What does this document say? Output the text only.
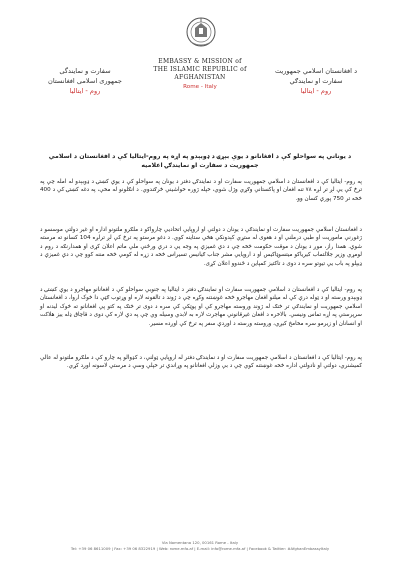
سفارت و نمایندگی
جمهوری اسلامی افغانستان
روم - ایتالیا
EMBASSY & MISSION of
THE ISLAMIC REPUBLIC of AFGHANISTAN
Rome - Italy
د افغانستان اسلامي جمهوریت
سفارت او نمایندګي
روم - ایتالیا
د یوناني په سواحلو کې د افغانانو د یوې بېړۍ د ډوبېدو په اړه په روم-ایتالیا کې د افغانستان د اسلامي جمهوریت د سفارت او نمایندګۍ اعلامیه
په روم- ایتالیا کې د افغانستان د اسلامي جمهوریت سفارت او د نمایندګۍ دفتر د یونان په سواحلو کې د یوې کښتۍ د ډوبېدو له امله چې په ترڅ کې یې لږ تر لږه ۷۸ تنه افغان او پاکستاني وګړي وژل شوي، خپله ژوره خواشیني څرګندوي. د انګلونو له مخې، په دغه کښتۍ کې د 400 څخه تر 750 پورې کسان وو.
د افغانستان اسلامي جمهوریت سفارت او نمایندګي د یونان د دولتي او اروپایي اتحادیې چارواکو د ملګرو ملتونو اداره او غیر دولتي موسسو د ژغورنې ماموریت او طبي درملنې او د هغوی له ستړي کېدونکي هڅې ستاینه کوي. د دغو مرستو په ترڅ کې لږ ترلږه 104 کسانو ته مرسته شوې. همدا راز، موږ د یونان د موقت حکومت څخه چې د دې غمیزې په وجه یې د درې ورځنې ملي ماتم اعلان کړی او همدارنګه د روم د لومړي وزیر جلالتماب کیریاکو میتسوټاکیس او د اروپایي مشر جناب ګیانیس تسیراس څخه د زړه له کومې څخه مننه کوو چې د دې غمیزې د ډیپلو په باب یې تیوتو سره د دوی د تاکتیز کمپاین د ځندوو اعلان کړی.
په روم- ایتالیا کې د افغانستان د اسلامي جمهوریت سفارت او نمایندګۍ دفتر د ایتالیا په جنوبي سواحلو کې د افغانانو مهاجرو د یوې کښتۍ د ډوبېدو ورسته او د ټوله درې کې له میلنو افغان مهاجرو څخه غوښتنه وکړه چې د ژوند د تالقونه لاره او وړتوب ګټې دا څوک اروا، د افغانستان اسلامي جمهوریت او نمایندګي تر څنګ له ژوند وروسته مهاجرو کې او پوټکي کې سره د دوی تر څنګ په کتو پې افغانانو ته څوک لیدنه او سرپرستي په اړه تماس ونیسي. بالاخره د افغان غیرقانوني مهاجرت لاره به لابدي وسیله وي چې په دې لاره کې دوی د قاچاق ډله ییز هلاکت او انسانان او زیرمو سره مخامخ کیږي، وروسته ورسته د اوږدې سفر په ترڅ کې اوږده مسیر.
په روم- ایتالیا کې د افغانستان د اسلامي جمهوریت سفارت او د نمایندګۍ دفتر له اروپایي ټولنې، د کډوالو په چارو کې د ملګرو ملتونو له عالي کمیشنري، دولتي او نادولتي اداره څخه غوښتنه کوي چې د بې وزلي افغانانو په وړاندې تر خپلې وسې د مرستې لاسونه اوږد کړي.
Via Nomentana 120, 00161 Rome - Italy
Tel: +39 06 8611009 | Fax: +39 06 8322919 | Web: rome.mfa.af | E-mail: info@rome.mfa.af | Facebook & Twitter: #AfghanEmbassyItaly
